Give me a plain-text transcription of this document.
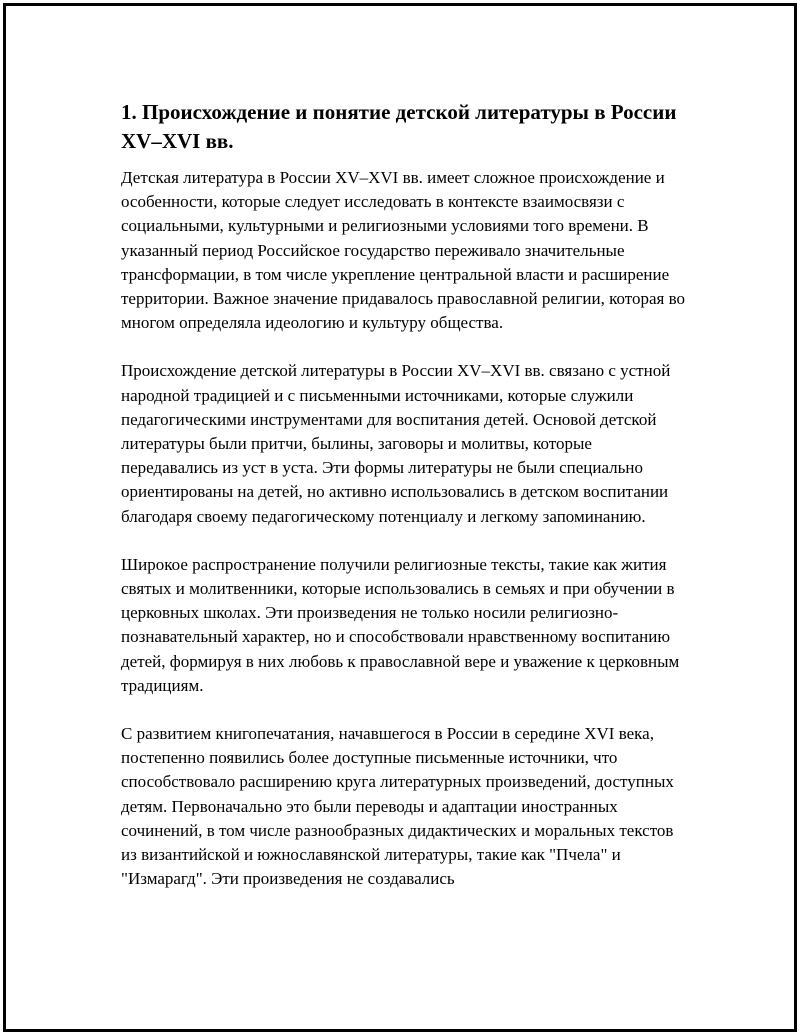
1. Происхождение и понятие детской литературы в России XV–XVI вв.

Детская литература в России XV–XVI вв. имеет сложное происхождение и особенности, которые следует исследовать в контексте взаимосвязи с социальными, культурными и религиозными условиями того времени. В указанный период Российское государство переживало значительные трансформации, в том числе укрепление центральной власти и расширение территории. Важное значение придавалось православной религии, которая во многом определяла идеологию и культуру общества.

Происхождение детской литературы в России XV–XVI вв. связано с устной народной традицией и с письменными источниками, которые служили педагогическими инструментами для воспитания детей. Основой детской литературы были притчи, былины, заговоры и молитвы, которые передавались из уст в уста. Эти формы литературы не были специально ориентированы на детей, но активно использовались в детском воспитании благодаря своему педагогическому потенциалу и легкому запоминанию.

Широкое распространение получили религиозные тексты, такие как жития святых и молитвенники, которые использовались в семьях и при обучении в церковных школах. Эти произведения не только носили религиозно-познавательный характер, но и способствовали нравственному воспитанию детей, формируя в них любовь к православной вере и уважение к церковным традициям.

С развитием книгопечатания, начавшегося в России в середине XVI века, постепенно появились более доступные письменные источники, что способствовало расширению круга литературных произведений, доступных детям. Первоначально это были переводы и адаптации иностранных сочинений, в том числе разнообразных дидактических и моральных текстов из византийской и южнославянской литературы, такие как "Пчела" и "Измарагд". Эти произведения не создавались
